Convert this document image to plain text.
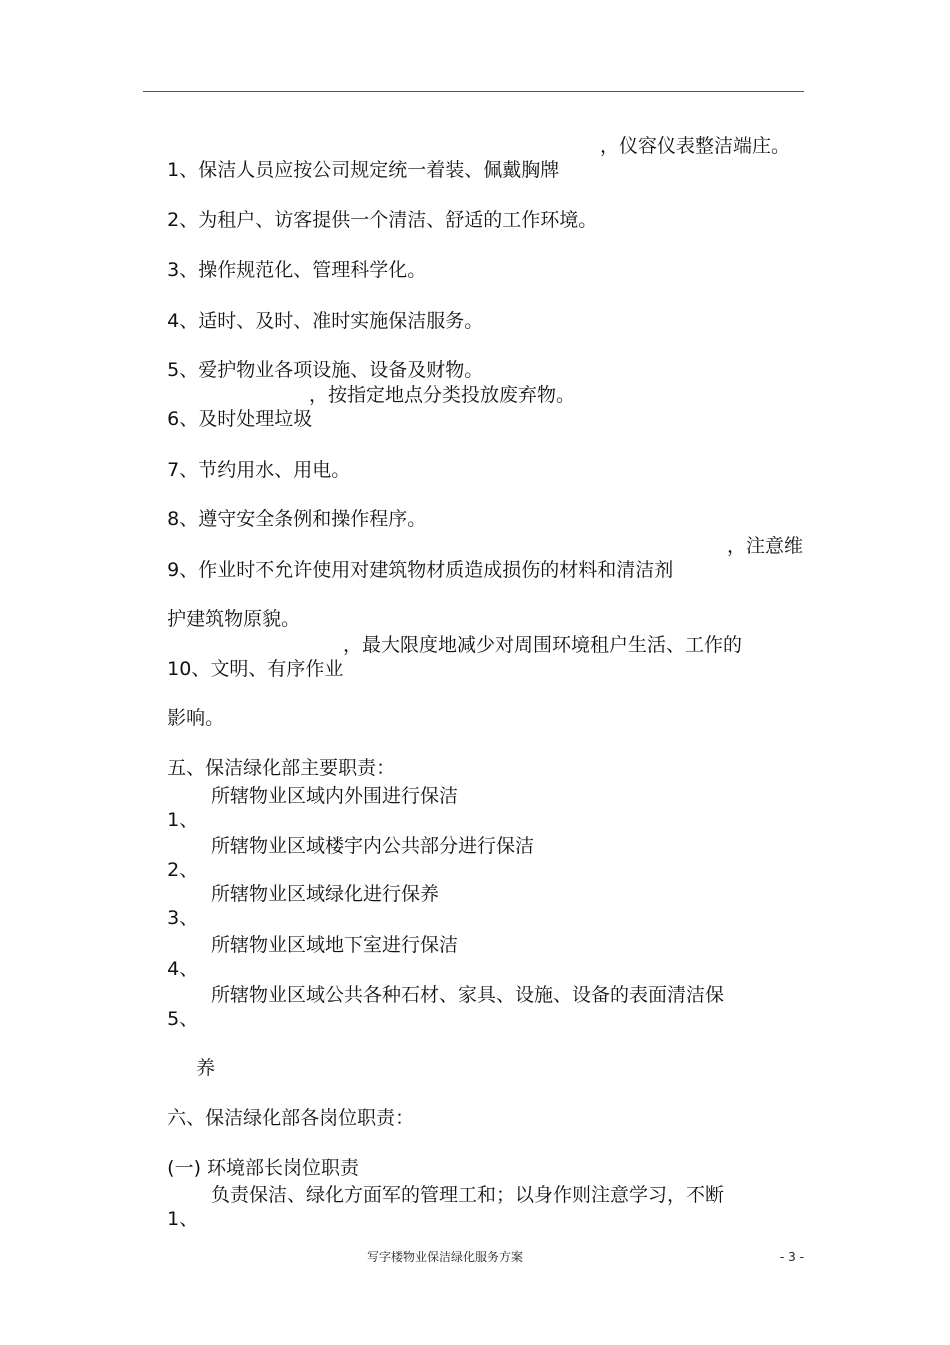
1、保洁人员应按公司规定统一着装、佩戴胸牌
，仪容仪表整洁端庄。

2、为租户、访客提供一个清洁、舒适的工作环境。

3、操作规范化、管理科学化。

4、适时、及时、准时实施保洁服务。

5、爱护物业各项设施、设备及财物。

6、及时处理垃圾
，按指定地点分类投放废弃物。

7、节约用水、用电。

8、遵守安全条例和操作程序。

9、作业时不允许使用对建筑物材质造成损伤的材料和清洁剂
，注意维

护建筑物原貌。

10、文明、有序作业
，最大限度地减少对周围环境租户生活、工作的

影响。

五、保洁绿化部主要职责：

1、
所辖物业区域内外围进行保洁

2、
所辖物业区域楼宇内公共部分进行保洁

3、
所辖物业区域绿化进行保养

4、
所辖物业区域地下室进行保洁

5、
所辖物业区域公共各种石材、家具、设施、设备的表面清洁保

养

六、保洁绿化部各岗位职责：

(一) 环境部长岗位职责

1、
负责保洁、绿化方面军的管理工和；以身作则注意学习，不断

写字楼物业保洁绿化服务方案	- 3 -
